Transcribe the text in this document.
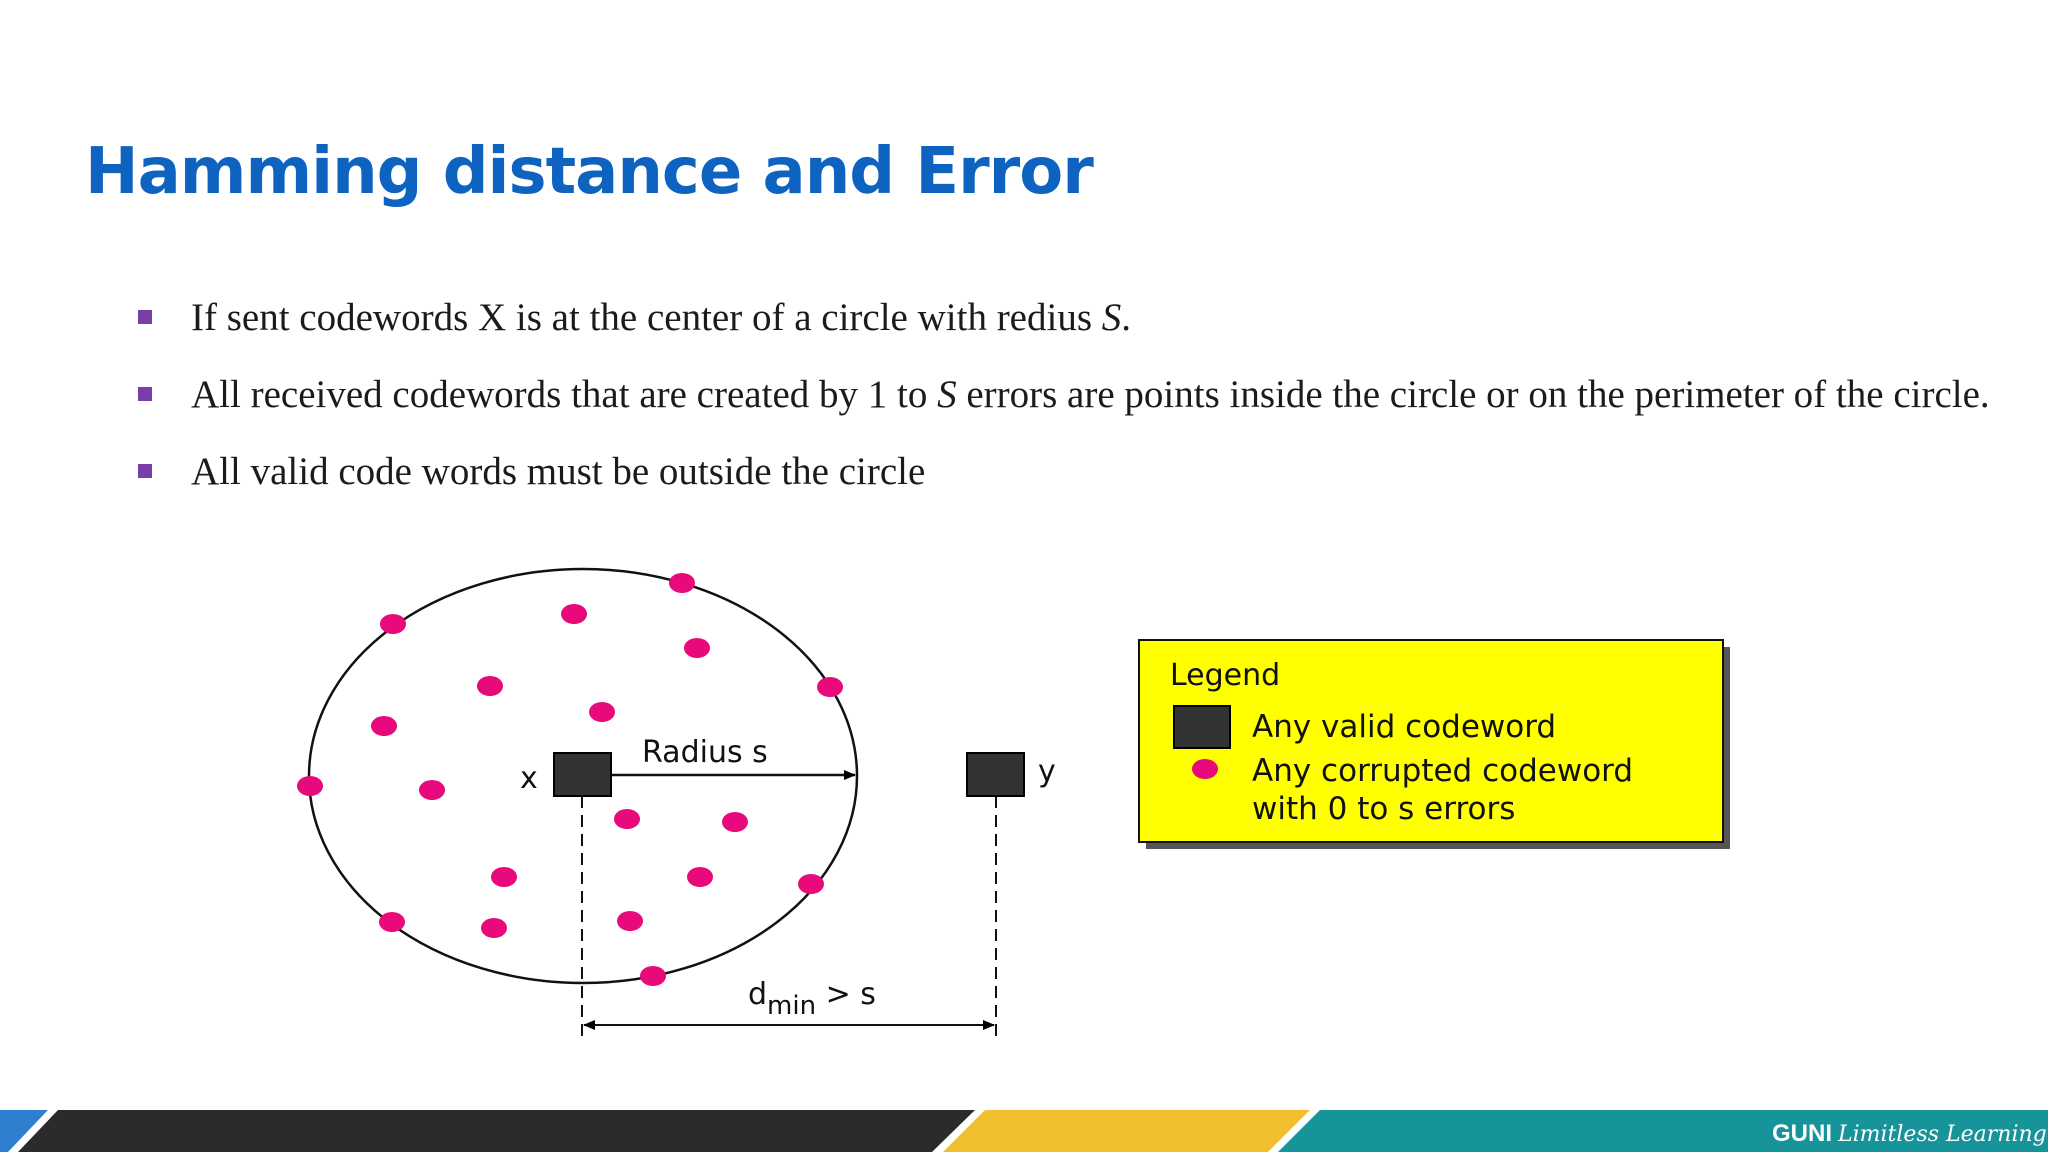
Hamming distance and Error
If sent codewords X is at the center of a circle with redius S.
All received codewords that are created by 1 to S errors are points inside the circle or on the perimeter of the circle.
All valid code words must be outside the circle
x	y
Radius s
dmin > s
Legend
Any valid codeword
Any corrupted codeword
with 0 to s errors
GUNI Limitless Learning
